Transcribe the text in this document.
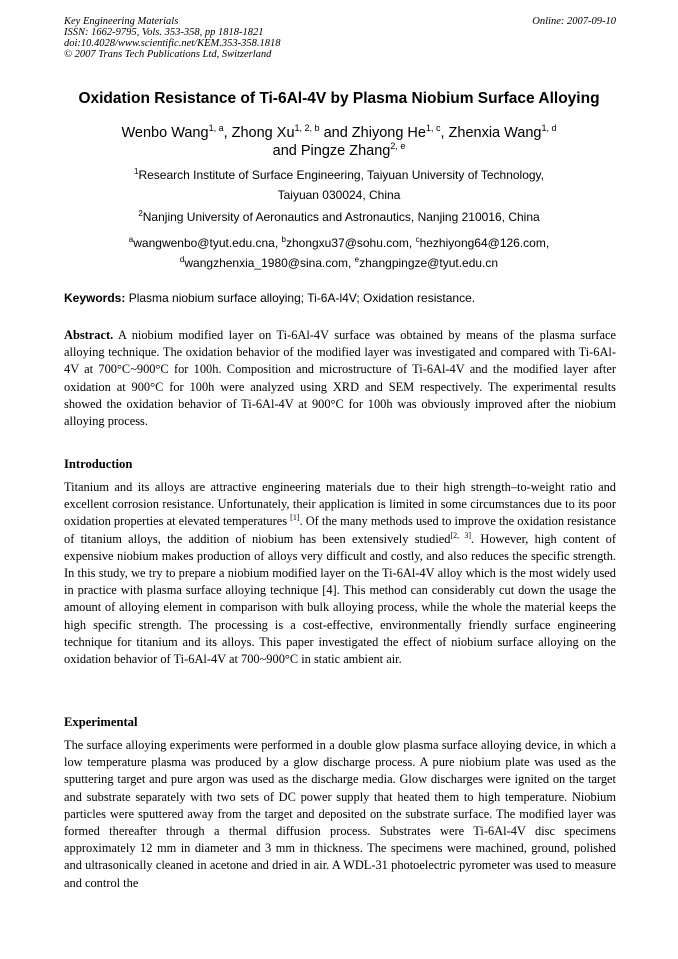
Key Engineering Materials
ISSN: 1662-9795, Vols. 353-358, pp 1818-1821
doi:10.4028/www.scientific.net/KEM.353-358.1818
© 2007 Trans Tech Publications Ltd, Switzerland
Online: 2007-09-10
Oxidation Resistance of Ti-6Al-4V by Plasma Niobium Surface Alloying
Wenbo Wang$^{1, a}$, Zhong Xu$^{1, 2, b}$ and Zhiyong He$^{1, c}$, Zhenxia Wang$^{1, d}$
and Pingze Zhang$^{2, e}$
$^1$Research Institute of Surface Engineering, Taiyuan University of Technology,
Taiyuan 030024, China
$^2$Nanjing University of Aeronautics and Astronautics, Nanjing 210016, China
$^a$wangwenbo@tyut.edu.cna, $^b$zhongxu37@sohu.com, $^c$hezhiyong64@126.com,
$^d$wangzhenxia_1980@sina.com, $^e$zhangpingze@tyut.edu.cn
Keywords: Plasma niobium surface alloying; Ti-6A-l4V; Oxidation resistance.
Abstract. A niobium modified layer on Ti-6Al-4V surface was obtained by means of the plasma surface alloying technique. The oxidation behavior of the modified layer was investigated and compared with Ti-6Al-4V at 700°C~900°C for 100h. Composition and microstructure of Ti-6Al-4V and the modified layer after oxidation at 900°C for 100h were analyzed using XRD and SEM respectively. The experimental results showed the oxidation behavior of Ti-6Al-4V at 900°C for 100h was obviously improved after the niobium alloying process.
Introduction
Titanium and its alloys are attractive engineering materials due to their high strength–to-weight ratio and excellent corrosion resistance. Unfortunately, their application is limited in some circumstances due to its poor oxidation properties at elevated temperatures [1]. Of the many methods used to improve the oxidation resistance of titanium alloys, the addition of niobium has been extensively studied[2, 3]. However, high content of expensive niobium makes production of alloys very difficult and costly, and also reduces the specific strength. In this study, we try to prepare a niobium modified layer on the Ti-6Al-4V alloy which is the most widely used in practice with plasma surface alloying technique [4]. This method can considerably cut down the usage the amount of alloying element in comparison with bulk alloying process, while the whole the material keeps the high specific strength. The processing is a cost-effective, environmentally friendly surface engineering technique for titanium and its alloys. This paper investigated the effect of niobium surface alloying on the oxidation behavior of Ti-6Al-4V at 700~900°C in static ambient air.
Experimental
The surface alloying experiments were performed in a double glow plasma surface alloying device, in which a low temperature plasma was produced by a glow discharge process. A pure niobium plate was used as the sputtering target and pure argon was used as the discharge media. Glow discharges were ignited on the target and substrate separately with two sets of DC power supply that heated them to high temperature. Niobium particles were sputtered away from the target and deposited on the substrate surface. The modified layer was formed thereafter through a thermal diffusion process. Substrates were Ti-6Al-4V disc specimens approximately 12 mm in diameter and 3 mm in thickness. The specimens were machined, ground, polished and ultrasonically cleaned in acetone and dried in air. A WDL-31 photoelectric pyrometer was used to measure and control the
